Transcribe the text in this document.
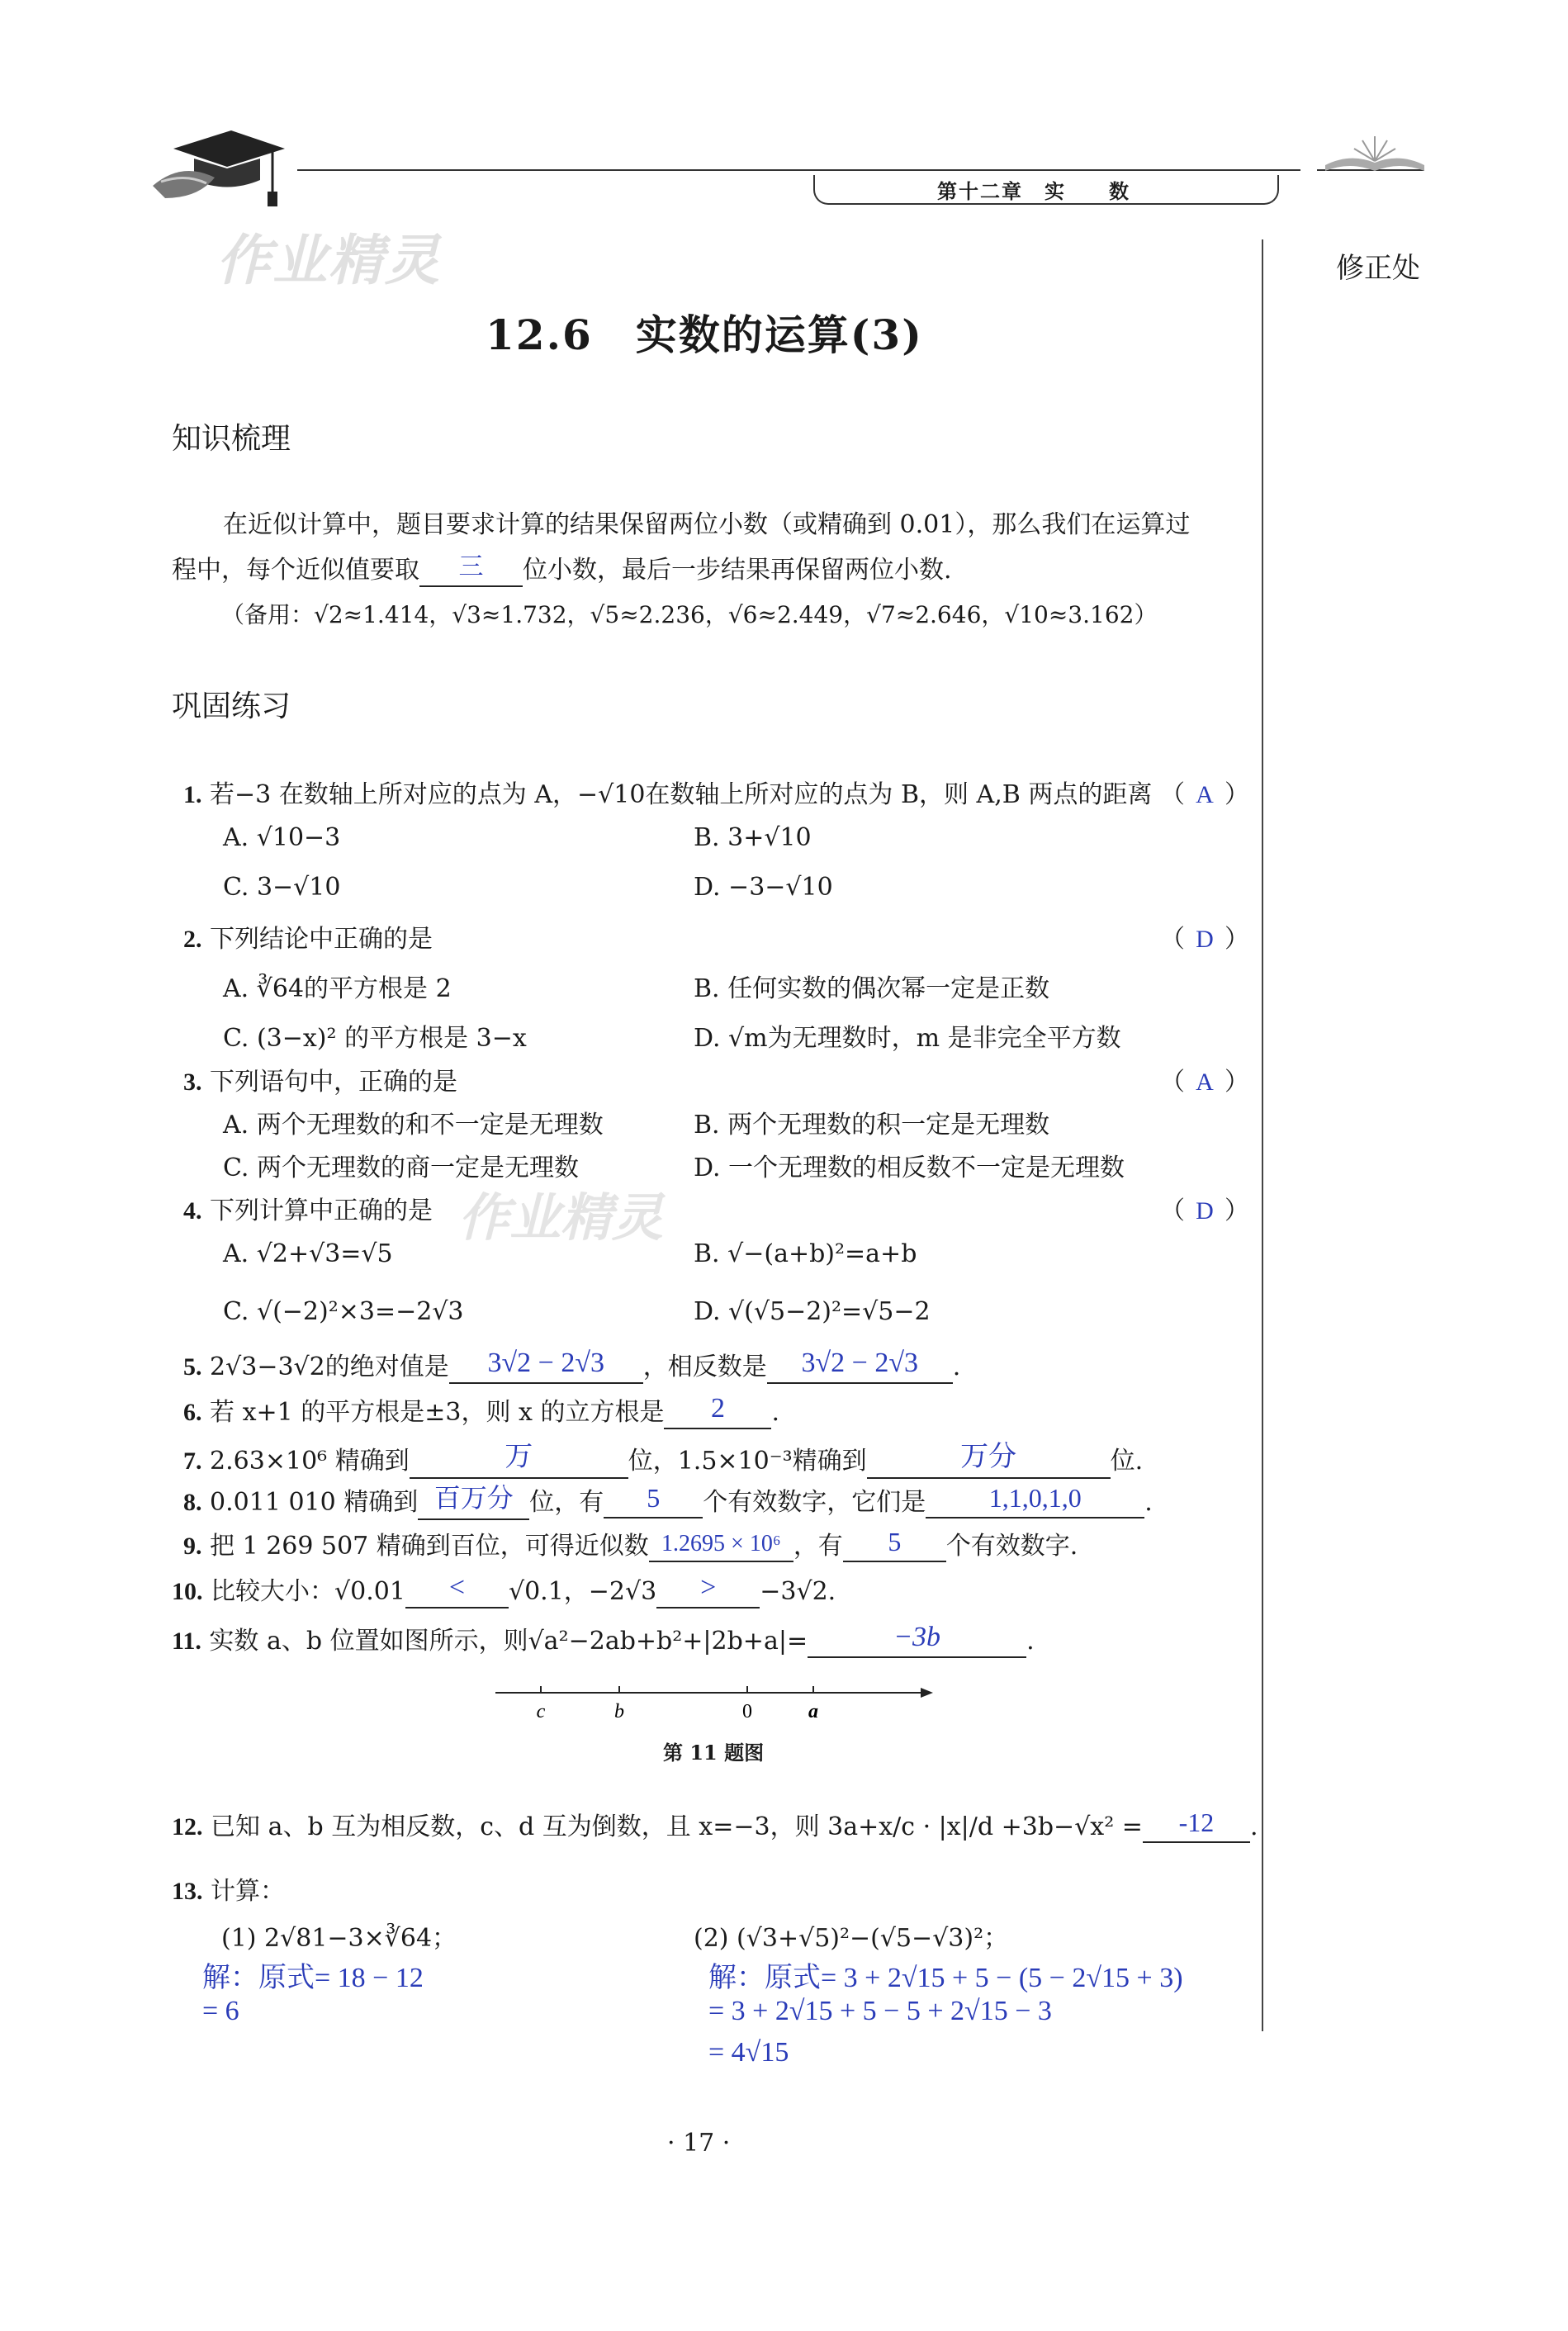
作业精灵
第十二章　实　　数
修正处
12.6　实数的运算(3)
知识梳理
在近似计算中，题目要求计算的结果保留两位小数（或精确到 0.01），那么我们在运算过
程中，每个近似值要取 三 位小数，最后一步结果再保留两位小数.
（备用：√2≈1.414，√3≈1.732，√5≈2.236，√6≈2.449，√7≈2.646，√10≈3.162）
巩固练习
1. 若−3 在数轴上所对应的点为 A，−√10在数轴上所对应的点为 B，则 A,B 两点的距离 （ A ）
A. √10−3	B. 3+√10
C. 3−√10	D. −3−√10
2. 下列结论中正确的是	（ D ）
A. ∛64的平方根是 2	B. 任何实数的偶次幂一定是正数
C. (3−x)² 的平方根是 3−x	D. √m为无理数时，m 是非完全平方数
3. 下列语句中，正确的是	（ A ）
A. 两个无理数的和不一定是无理数	B. 两个无理数的积一定是无理数
C. 两个无理数的商一定是无理数	D. 一个无理数的相反数不一定是无理数
4. 下列计算中正确的是 作业精灵	（ D ）
A. √2+√3=√5	B. √−(a+b)²=a+b
C. √(−2)²×3=−2√3	D. √(√5−2)²=√5−2
5. 2√3−3√2的绝对值是 3√2 − 2√3 ，相反数是 3√2 − 2√3 .
6. 若 x+1 的平方根是±3，则 x 的立方根是 2 .
7. 2.63×10⁶ 精确到	万	位，1.5×10⁻³精确到	万分	位.
8. 0.011 010 精确到 百万分 位，有 5 个有效数字，它们是 1,1,0,1,0	.
9. 把 1 269 507 精确到百位，可得近似数 1.2695 × 10⁶ ，有 5 个有效数字.
10. 比较大小：√0.01 < √0.1，−2√3 > −3√2.
11. 实数 a、b 位置如图所示，则√a²−2ab+b²+|2b+a|=	−3b	.
c	b	0	a
第 11 题图
12. 已知 a、b 互为相反数，c、d 互为倒数，且 x=−3，则 3a+x/c · |x|/d +3b−√x² = -12 .
13. 计算：
(1) 2√81−3×∛64；	(2) (√3+√5)²−(√5−√3)²；
解：原式= 18 − 12
= 6
解：原式= 3 + 2√15 + 5 − (5 − 2√15 + 3)
= 3 + 2√15 + 5 − 5 + 2√15 − 3
= 4√15
· 17 ·
